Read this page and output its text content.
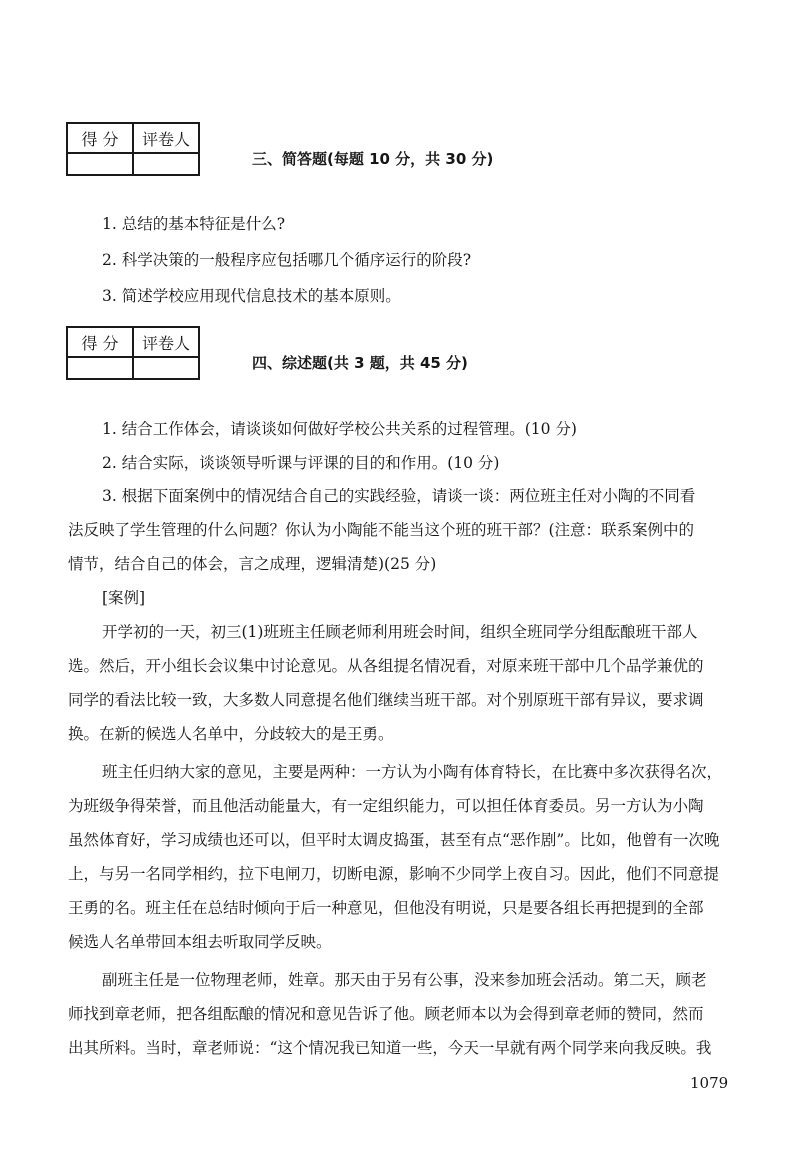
得 分	评卷人

三、简答题(每题 10 分，共 30 分)
1. 总结的基本特征是什么?
2. 科学决策的一般程序应包括哪几个循序运行的阶段?
3. 简述学校应用现代信息技术的基本原则。
得 分	评卷人

四、综述题(共 3 题，共 45 分)
1. 结合工作体会，请谈谈如何做好学校公共关系的过程管理。(10 分)
2. 结合实际，谈谈领导听课与评课的目的和作用。(10 分)
3. 根据下面案例中的情况结合自己的实践经验，请谈一谈：两位班主任对小陶的不同看
法反映了学生管理的什么问题？你认为小陶能不能当这个班的班干部？(注意：联系案例中的
情节，结合自己的体会，言之成理，逻辑清楚)(25 分)
[案例]
开学初的一天，初三(1)班班主任顾老师利用班会时间，组织全班同学分组酝酿班干部人
选。然后，开小组长会议集中讨论意见。从各组提名情况看，对原来班干部中几个品学兼优的
同学的看法比较一致，大多数人同意提名他们继续当班干部。对个别原班干部有异议，要求调
换。在新的候选人名单中，分歧较大的是王勇。
班主任归纳大家的意见，主要是两种：一方认为小陶有体育特长，在比赛中多次获得名次，
为班级争得荣誉，而且他活动能量大，有一定组织能力，可以担任体育委员。另一方认为小陶
虽然体育好，学习成绩也还可以，但平时太调皮捣蛋，甚至有点“恶作剧”。比如，他曾有一次晚
上，与另一名同学相约，拉下电闸刀，切断电源，影响不少同学上夜自习。因此，他们不同意提
王勇的名。班主任在总结时倾向于后一种意见，但他没有明说，只是要各组长再把提到的全部
候选人名单带回本组去听取同学反映。
副班主任是一位物理老师，姓章。那天由于另有公事，没来参加班会活动。第二天，顾老
师找到章老师，把各组酝酿的情况和意见告诉了他。顾老师本以为会得到章老师的赞同，然而
出其所料。当时，章老师说：“这个情况我已知道一些，今天一早就有两个同学来向我反映。我
1079
